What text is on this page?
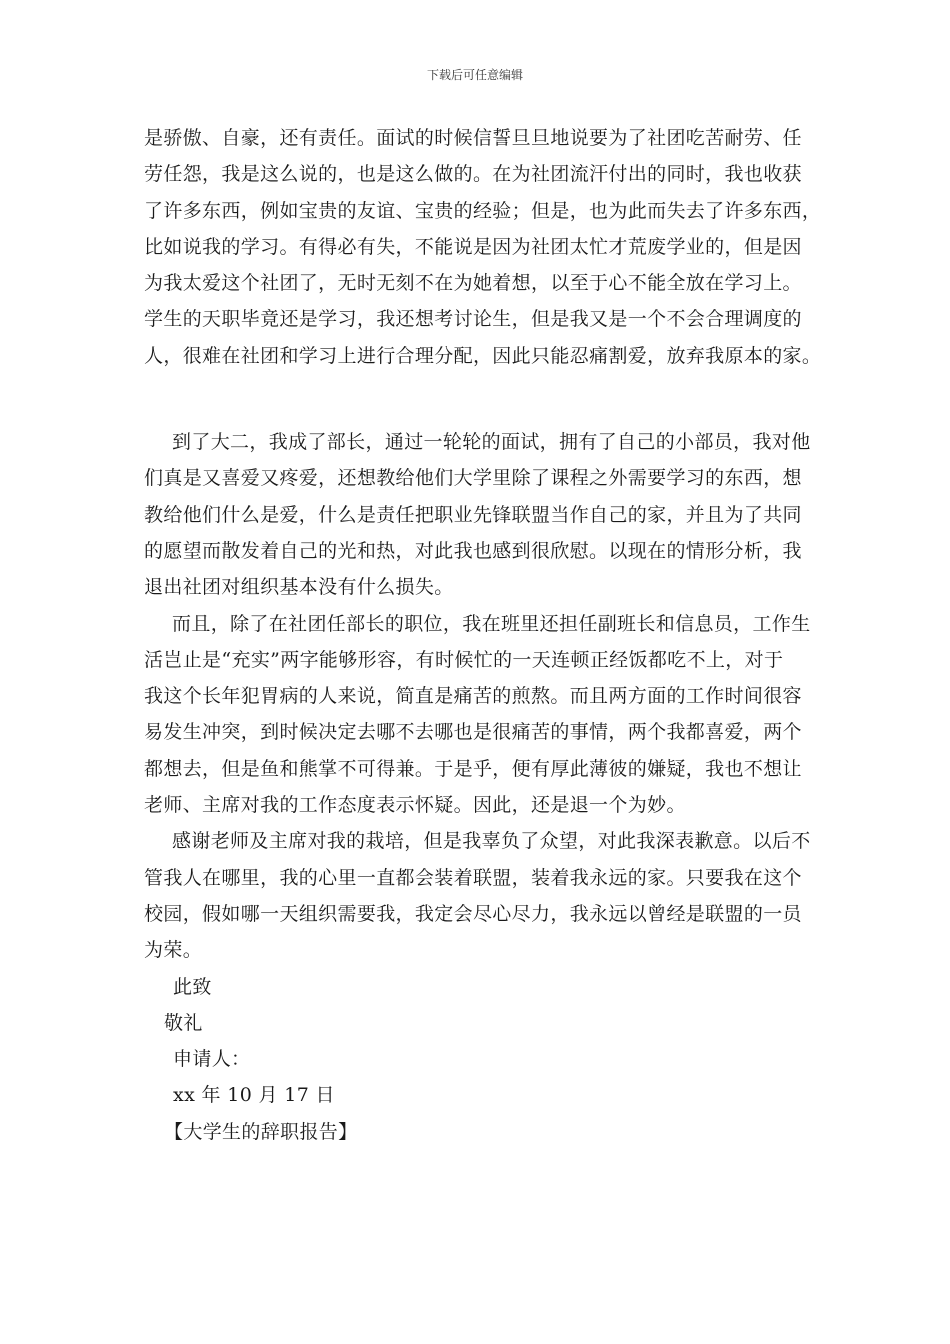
下载后可任意编辑
是骄傲、自豪，还有责任。面试的时候信誓旦旦地说要为了社团吃苦耐劳、任
劳任怨，我是这么说的，也是这么做的。在为社团流汗付出的同时，我也收获
了许多东西，例如宝贵的友谊、宝贵的经验；但是，也为此而失去了许多东西，
比如说我的学习。有得必有失，不能说是因为社团太忙才荒废学业的，但是因
为我太爱这个社团了，无时无刻不在为她着想，以至于心不能全放在学习上。
学生的天职毕竟还是学习，我还想考讨论生，但是我又是一个不会合理调度的
人，很难在社团和学习上进行合理分配，因此只能忍痛割爱，放弃我原本的家。
到了大二，我成了部长，通过一轮轮的面试，拥有了自己的小部员，我对他
们真是又喜爱又疼爱，还想教给他们大学里除了课程之外需要学习的东西，想
教给他们什么是爱，什么是责任把职业先锋联盟当作自己的家，并且为了共同
的愿望而散发着自己的光和热，对此我也感到很欣慰。以现在的情形分析，我
退出社团对组织基本没有什么损失。
而且，除了在社团任部长的职位，我在班里还担任副班长和信息员，工作生
活岂止是“充实”两字能够形容，有时候忙的一天连顿正经饭都吃不上，对于
我这个长年犯胃病的人来说，简直是痛苦的煎熬。而且两方面的工作时间很容
易发生冲突，到时候决定去哪不去哪也是很痛苦的事情，两个我都喜爱，两个
都想去，但是鱼和熊掌不可得兼。于是乎，便有厚此薄彼的嫌疑，我也不想让
老师、主席对我的工作态度表示怀疑。因此，还是退一个为妙。
感谢老师及主席对我的栽培，但是我辜负了众望，对此我深表歉意。以后不
管我人在哪里，我的心里一直都会装着联盟，装着我永远的家。只要我在这个
校园，假如哪一天组织需要我，我定会尽心尽力，我永远以曾经是联盟的一员
为荣。
此致
敬礼
申请人：
xx 年 10 月 17 日
【大学生的辞职报告】
